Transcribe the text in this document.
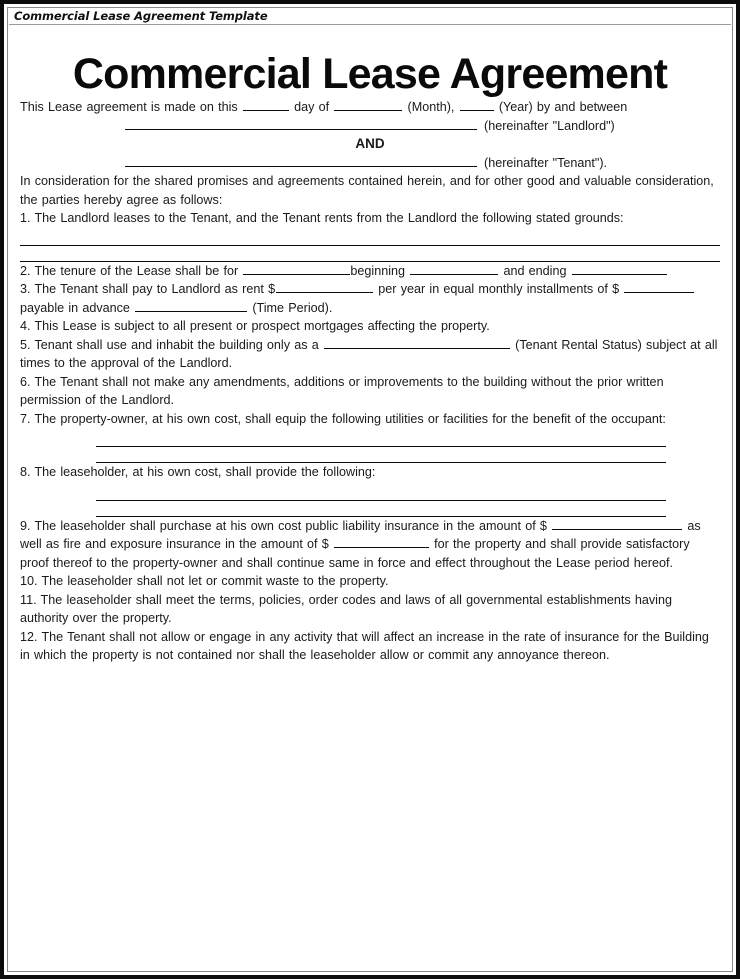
Commercial Lease Agreement Template
Commercial Lease Agreement

This Lease agreement is made on this	day of	(Month),	(Year) by and between

(hereinafter "Landlord")

AND

(hereinafter "Tenant").

In consideration for the shared promises and agreements contained herein, and for other good and valuable consideration, the parties hereby agree as follows:

1. The Landlord leases to the Tenant, and the Tenant rents from the Landlord the following stated grounds:

2. The tenure of the Lease shall be for	beginning	and ending

3. The Tenant shall pay to Landlord as rent $	per year in equal monthly installments of $  payable in advance	(Time Period).

4. This Lease is subject to all present or prospect mortgages affecting the property.

5. Tenant shall use and inhabit the building only as a	(Tenant Rental Status) subject at all times to the approval of the Landlord.

6. The Tenant shall not make any amendments, additions or improvements to the building without the prior written permission of the Landlord.

7. The property-owner, at his own cost, shall equip the following utilities or facilities for the benefit of the occupant:

8. The leaseholder, at his own cost, shall provide the following:

9. The leaseholder shall purchase at his own cost public liability insurance in the amount of $	as well as fire and exposure insurance in the amount of $	for the property and shall provide satisfactory proof thereof to the property-owner and shall continue same in force and effect throughout the Lease period hereof.

10. The leaseholder shall not let or commit waste to the property.

11. The leaseholder shall meet the terms, policies, order codes and laws of all governmental establishments having authority over the property.

12. The Tenant shall not allow or engage in any activity that will affect an increase in the rate of insurance for the Building in which the property is not contained nor shall the leaseholder allow or commit any annoyance thereon.
